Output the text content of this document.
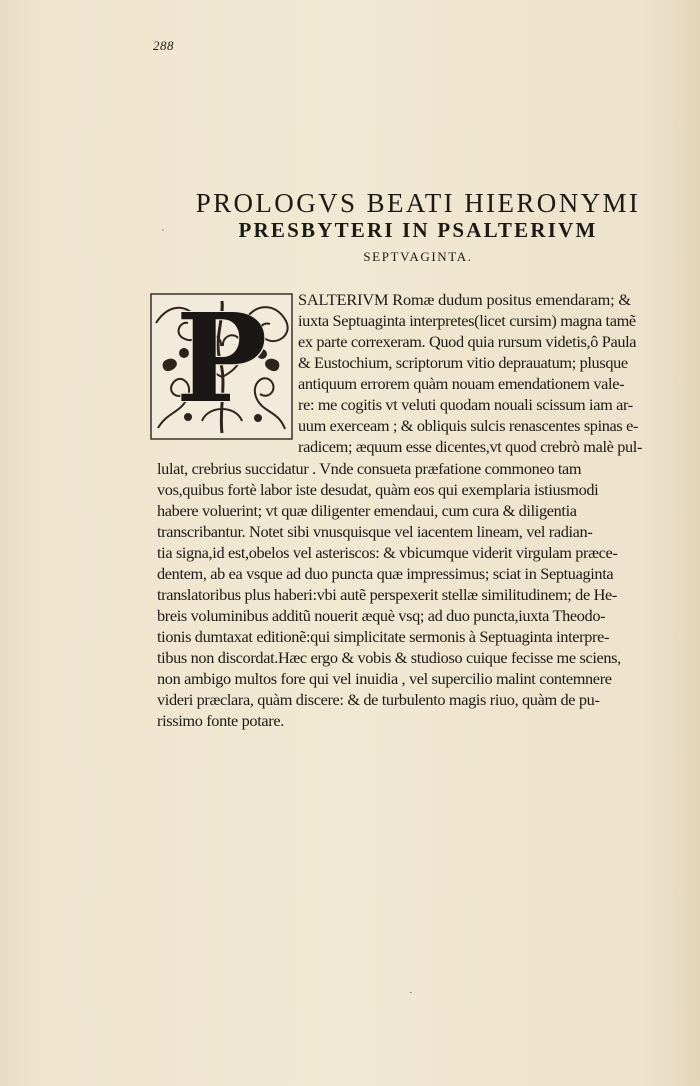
288
PROLOGVS BEATI HIERONYMI
PRESBYTERI IN PSALTERIVM
SEPTVAGINTA.
`
·
P	SALTERIVM Romæ dudum positus emendaram; &
iuxta Septuaginta interpretes(licet cursim) magna tamẽ
ex parte correxeram. Quod quia rursum videtis,ô Paula
& Eustochium, scriptorum vitio deprauatum; plusque
antiquum errorem quàm nouam emendationem vale-
re: me cogitis vt veluti quodam nouali scissum iam ar-
uum exerceam ; & obliquis sulcis renascentes spinas e-
radicem; æquum esse dicentes,vt quod crebrò malè pul-
lulat, crebrius succidatur . Vnde consueta præfatione commoneo tam
vos,quibus fortè labor iste desudat, quàm eos qui exemplaria istiusmodi
habere voluerint; vt quæ diligenter emendaui, cum cura & diligentia
transcribantur. Notet sibi vnusquisque vel iacentem lineam, vel radian-
tia signa,id est,obelos vel asteriscos: & vbicumque viderit virgulam præce-
dentem, ab ea vsque ad duo puncta quæ impressimus; sciat in Septuaginta
translatoribus plus haberi:vbi autẽ perspexerit stellæ similitudinem; de He-
breis voluminibus additũ nouerit æquè vsq; ad duo puncta,iuxta Theodo-
tionis dumtaxat editionẽ:qui simplicitate sermonis à Septuaginta interpre-
tibus non discordat.Hæc ergo & vobis & studioso cuique fecisse me sciens,
non ambigo multos fore qui vel inuidia , vel supercilio malint contemnere
videri præclara, quàm discere: & de turbulento magis riuo, quàm de pu-
rissimo fonte potare.
